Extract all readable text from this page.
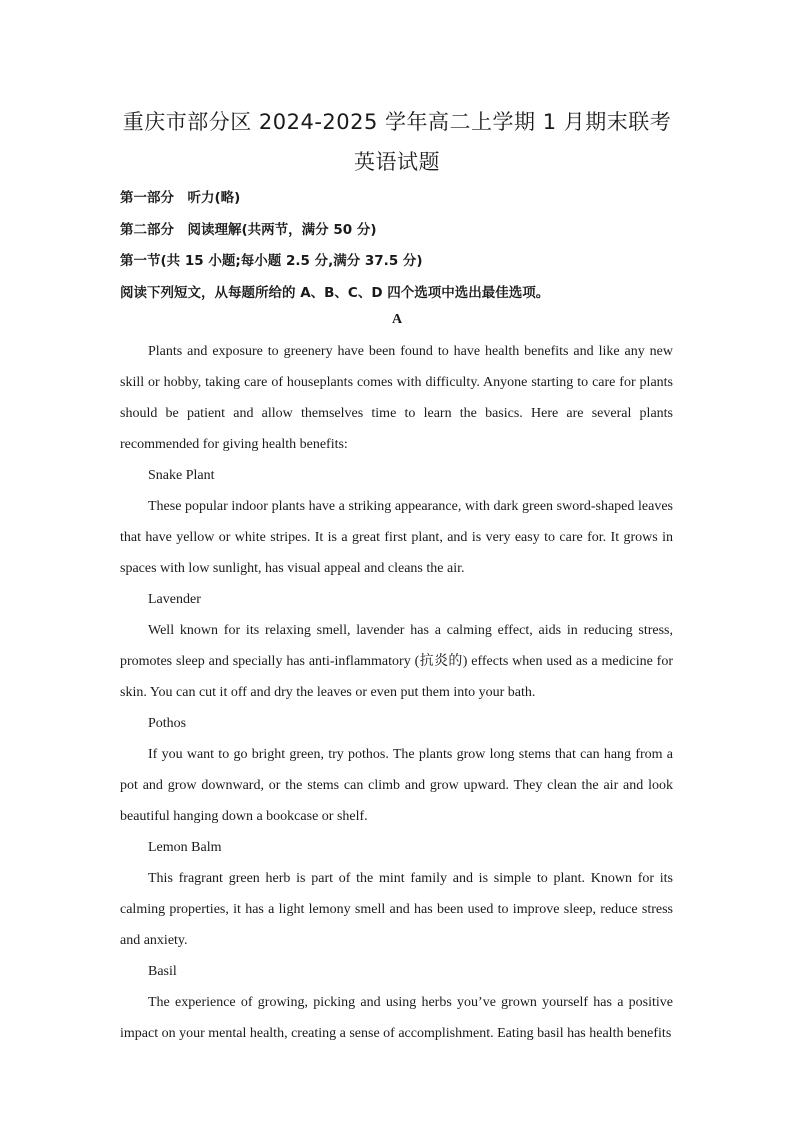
重庆市部分区 2024-2025 学年高二上学期 1 月期末联考
英语试题

第一部分　听力(略)

第二部分　阅读理解(共两节，满分 50 分)

第一节(共 15 小题;每小题 2.5 分,满分 37.5 分)

阅读下列短文，从每题所给的 A、B、C、D 四个选项中选出最佳选项。

A

Plants and exposure to greenery have been found to have health benefits and like any new skill or hobby, taking care of houseplants comes with difficulty. Anyone starting to care for plants should be patient and allow themselves time to learn the basics. Here are several plants recommended for giving health benefits:

Snake Plant

These popular indoor plants have a striking appearance, with dark green sword-shaped leaves that have yellow or white stripes. It is a great first plant, and is very easy to care for. It grows in spaces with low sunlight, has visual appeal and cleans the air.

Lavender

Well known for its relaxing smell, lavender has a calming effect, aids in reducing stress, promotes sleep and specially has anti-inflammatory (抗炎的) effects when used as a medicine for skin. You can cut it off and dry the leaves or even put them into your bath.

Pothos

If you want to go bright green, try pothos. The plants grow long stems that can hang from a pot and grow downward, or the stems can climb and grow upward. They clean the air and look beautiful hanging down a bookcase or shelf.

Lemon Balm

This fragrant green herb is part of the mint family and is simple to plant. Known for its calming properties, it has a light lemony smell and has been used to improve sleep, reduce stress and anxiety.

Basil

The experience of growing, picking and using herbs you’ve grown yourself has a positive impact on your mental health, creating a sense of accomplishment. Eating basil has health benefits
